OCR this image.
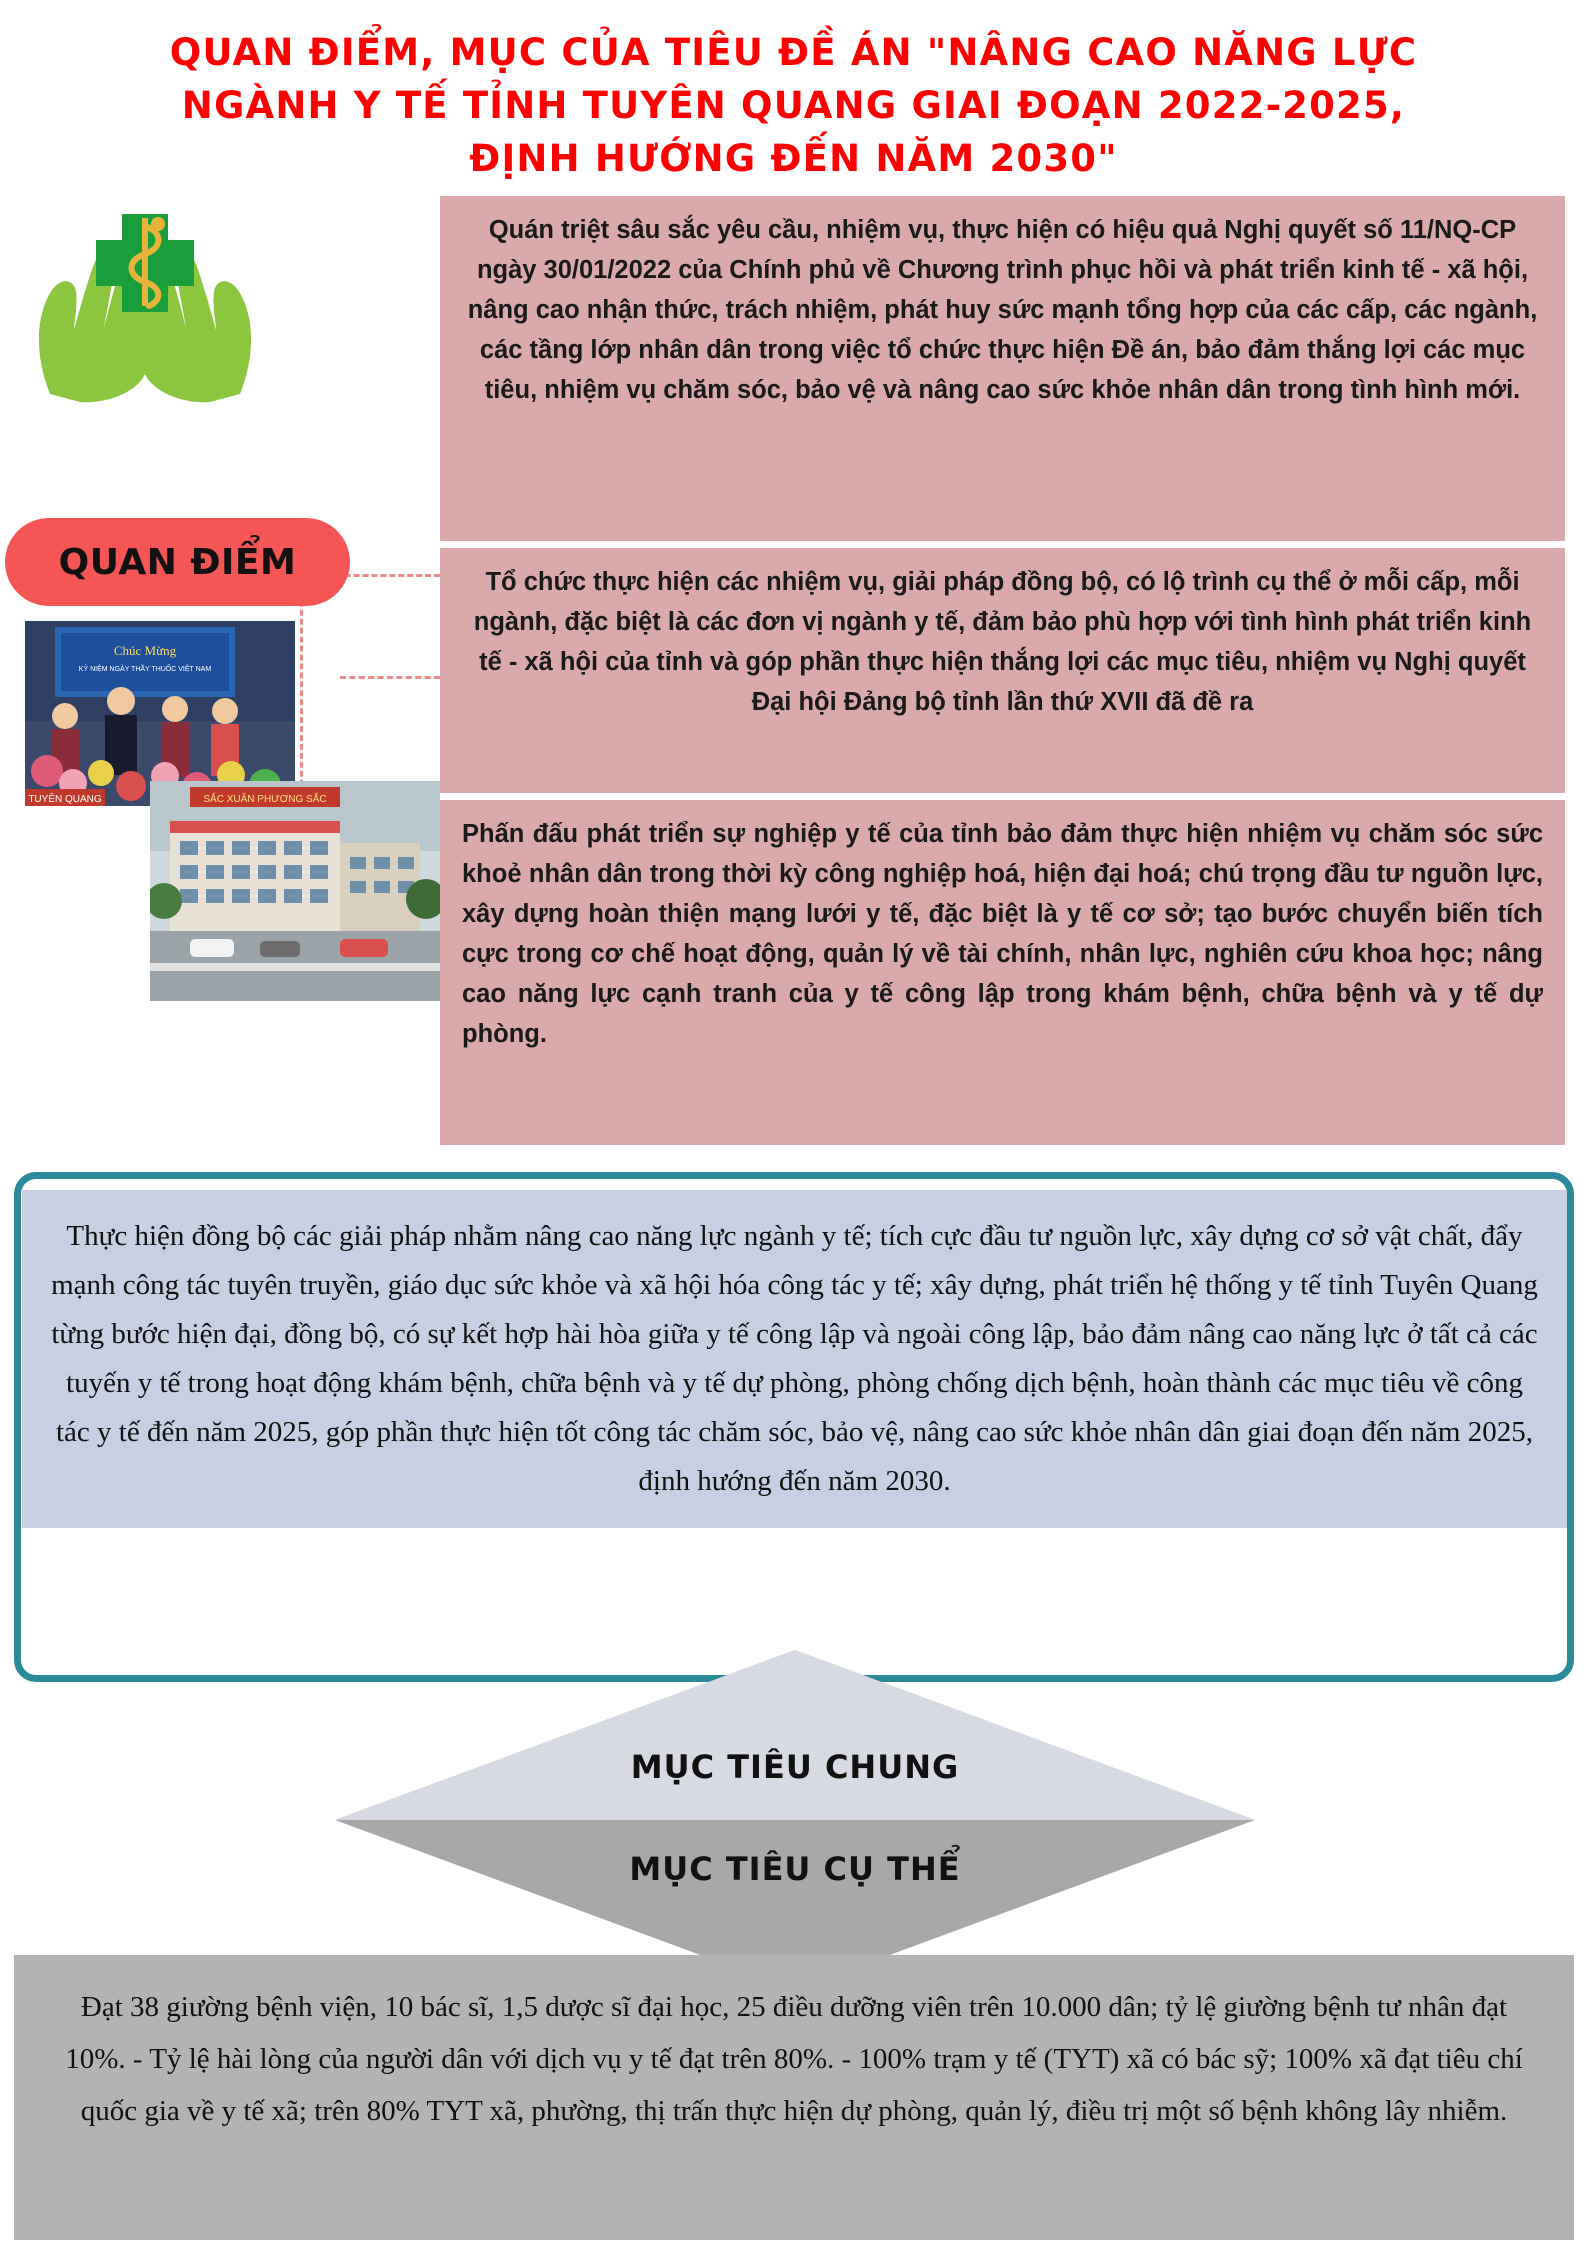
QUAN ĐIỂM, MỤC CỦA TIÊU ĐỀ ÁN "NÂNG CAO NĂNG LỰC
NGÀNH Y TẾ TỈNH TUYÊN QUANG GIAI ĐOẠN 2022-2025,
ĐỊNH HƯỚNG ĐẾN NĂM 2030"
QUAN ĐIỂM
Chúc Mừng
KỶ NIỆM NGÀY THẦY THUỐC VIỆT NAM
TUYÊN QUANG	SẮC XUÂN PHƯƠNG SẮC
Quán triệt sâu sắc yêu cầu, nhiệm vụ, thực hiện có hiệu quả Nghị quyết số 11/NQ-CP ngày 30/01/2022 của Chính phủ về Chương trình phục hồi và phát triển kinh tế - xã hội, nâng cao nhận thức, trách nhiệm, phát huy sức mạnh tổng hợp của các cấp, các ngành, các tầng lớp nhân dân trong việc tổ chức thực hiện Đề án, bảo đảm thắng lợi các mục tiêu, nhiệm vụ chăm sóc, bảo vệ và nâng cao sức khỏe nhân dân trong tình hình mới.
Tổ chức thực hiện các nhiệm vụ, giải pháp đồng bộ, có lộ trình cụ thể ở mỗi cấp, mỗi ngành, đặc biệt là các đơn vị ngành y tế, đảm bảo phù hợp với tình hình phát triển kinh tế - xã hội của tỉnh và góp phần thực hiện thắng lợi các mục tiêu, nhiệm vụ Nghị quyết Đại hội Đảng bộ tỉnh lần thứ XVII đã đề ra
Phấn đấu phát triển sự nghiệp y tế của tỉnh bảo đảm thực hiện nhiệm vụ chăm sóc sức khoẻ nhân dân trong thời kỳ công nghiệp hoá, hiện đại hoá; chú trọng đầu tư nguồn lực, xây dựng hoàn thiện mạng lưới y tế, đặc biệt là y tế cơ sở; tạo bước chuyển biến tích cực trong cơ chế hoạt động, quản lý về tài chính, nhân lực, nghiên cứu khoa học; nâng cao năng lực cạnh tranh của y tế công lập trong khám bệnh, chữa bệnh và y tế dự phòng.
Thực hiện đồng bộ các giải pháp nhằm nâng cao năng lực ngành y tế; tích cực đầu tư nguồn lực, xây dựng cơ sở vật chất, đẩy mạnh công tác tuyên truyền, giáo dục sức khỏe và xã hội hóa công tác y tế; xây dựng, phát triển hệ thống y tế tỉnh Tuyên Quang từng bước hiện đại, đồng bộ, có sự kết hợp hài hòa giữa y tế công lập và ngoài công lập, bảo đảm nâng cao năng lực ở tất cả các tuyến y tế trong hoạt động khám bệnh, chữa bệnh và y tế dự phòng, phòng chống dịch bệnh, hoàn thành các mục tiêu về công tác y tế đến năm 2025, góp phần thực hiện tốt công tác chăm sóc, bảo vệ, nâng cao sức khỏe nhân dân giai đoạn đến năm 2025, định hướng đến năm 2030.
MỤC TIÊU CHUNG
MỤC TIÊU CỤ THỂ
Đạt 38 giường bệnh viện, 10 bác sĩ, 1,5 dược sĩ đại học, 25 điều dưỡng viên trên 10.000 dân; tỷ lệ giường bệnh tư nhân đạt 10%. - Tỷ lệ hài lòng của người dân với dịch vụ y tế đạt trên 80%. - 100% trạm y tế (TYT) xã có bác sỹ; 100% xã đạt tiêu chí quốc gia về y tế xã; trên 80% TYT xã, phường, thị trấn thực hiện dự phòng, quản lý, điều trị một số bệnh không lây nhiễm.
